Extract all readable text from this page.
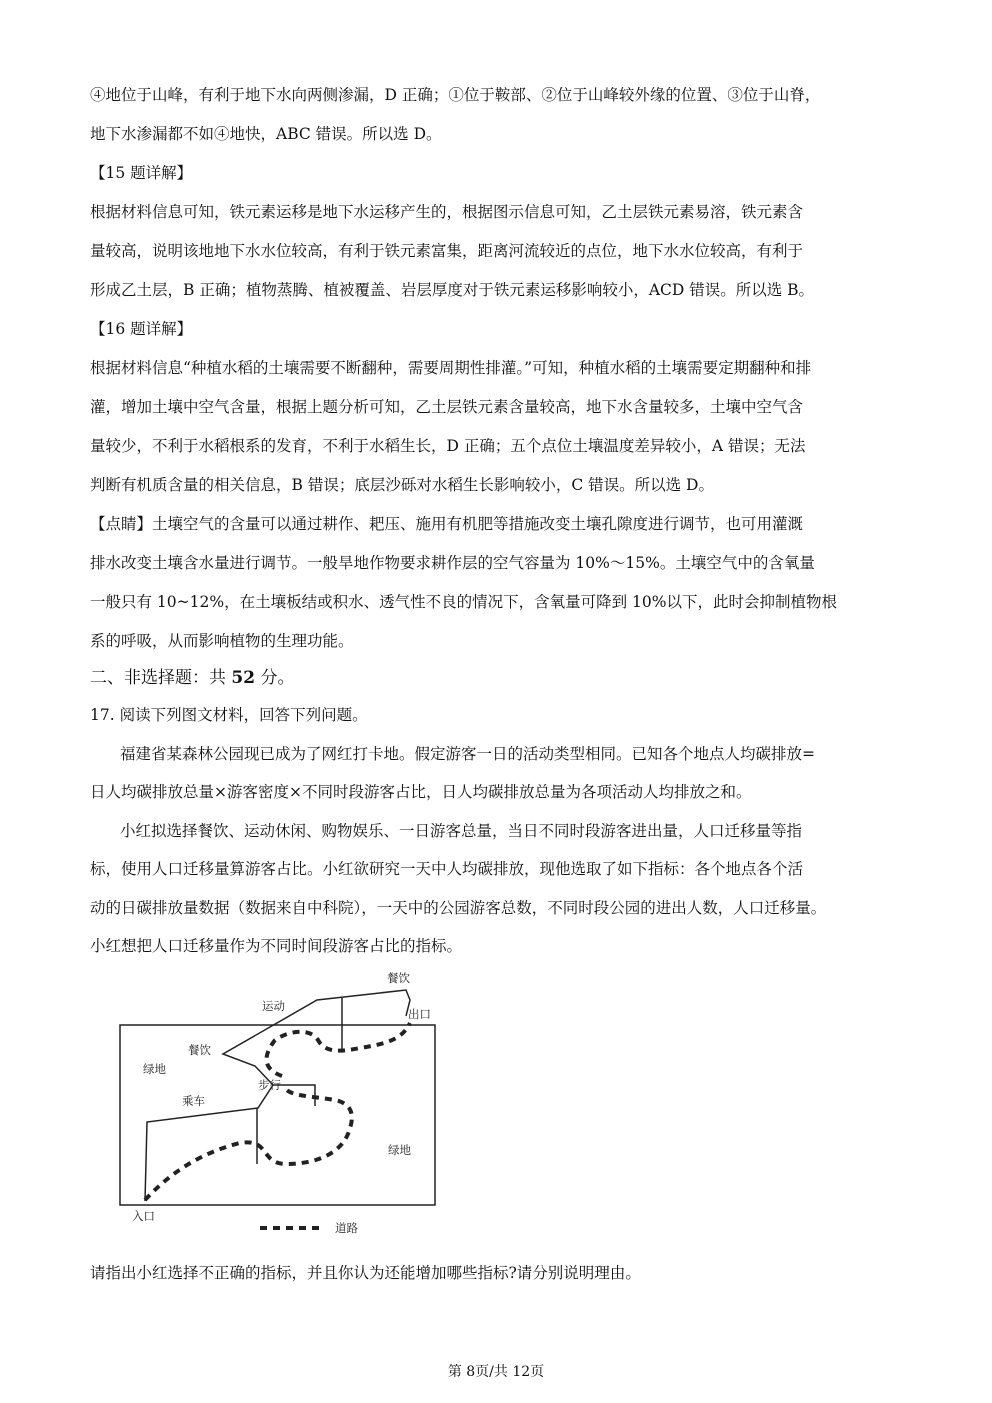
④地位于山峰，有利于地下水向两侧渗漏，D 正确；①位于鞍部、②位于山峰较外缘的位置、③位于山脊，
地下水渗漏都不如④地快，ABC 错误。所以选 D。
【15 题详解】
根据材料信息可知，铁元素运移是地下水运移产生的，根据图示信息可知，乙土层铁元素易溶，铁元素含
量较高，说明该地地下水水位较高，有利于铁元素富集，距离河流较近的点位，地下水水位较高，有利于
形成乙土层，B 正确；植物蒸腾、植被覆盖、岩层厚度对于铁元素运移影响较小，ACD 错误。所以选 B。
【16 题详解】
根据材料信息“种植水稻的土壤需要不断翻种，需要周期性排灌。”可知，种植水稻的土壤需要定期翻种和排
灌，增加土壤中空气含量，根据上题分析可知，乙土层铁元素含量较高，地下水含量较多，土壤中空气含
量较少，不利于水稻根系的发育，不利于水稻生长，D 正确；五个点位土壤温度差异较小，A 错误；无法
判断有机质含量的相关信息，B 错误；底层沙砾对水稻生长影响较小，C 错误。所以选 D。
【点睛】土壤空气的含量可以通过耕作、耙压、施用有机肥等措施改变土壤孔隙度进行调节，也可用灌溉
排水改变土壤含水量进行调节。一般旱地作物要求耕作层的空气容量为 10%～15%。土壤空气中的含氧量
一般只有 10~12%，在土壤板结或积水、透气性不良的情况下，含氧量可降到 10%以下，此时会抑制植物根
系的呼吸，从而影响植物的生理功能。
二、非选择题：共 52 分。
17. 阅读下列图文材料，回答下列问题。
福建省某森林公园现已成为了网红打卡地。假定游客一日的活动类型相同。已知各个地点人均碳排放=
日人均碳排放总量×游客密度×不同时段游客占比，日人均碳排放总量为各项活动人均排放之和。
小红拟选择餐饮、运动休闲、购物娱乐、一日游客总量，当日不同时段游客进出量，人口迁移量等指
标，使用人口迁移量算游客占比。小红欲研究一天中人均碳排放，现他选取了如下指标：各个地点各个活
动的日碳排放量数据（数据来自中科院），一天中的公园游客总数，不同时段公园的进出人数，人口迁移量。
小红想把人口迁移量作为不同时间段游客占比的指标。
餐饮
运动
出口
餐饮
绿地
步行
乘车
绿地
入口
道路
请指出小红选择不正确的指标，并且你认为还能增加哪些指标?请分别说明理由。
第 8页/共 12页
